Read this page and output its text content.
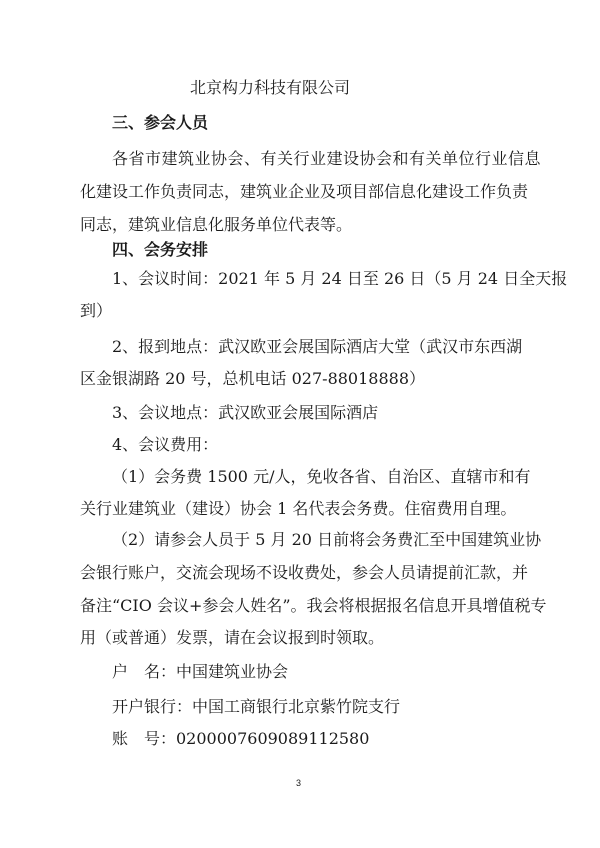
北京构力科技有限公司
三、参会人员
各省市建筑业协会、有关行业建设协会和有关单位行业信息
化建设工作负责同志，建筑业企业及项目部信息化建设工作负责
同志，建筑业信息化服务单位代表等。
四、会务安排
1、会议时间：2021 年 5 月 24 日至 26 日（5 月 24 日全天报
到）
2、报到地点：武汉欧亚会展国际酒店大堂（武汉市东西湖
区金银湖路 20 号，总机电话 027-88018888）
3、会议地点：武汉欧亚会展国际酒店
4、会议费用：
（1）会务费 1500 元/人，免收各省、自治区、直辖市和有
关行业建筑业（建设）协会 1 名代表会务费。住宿费用自理。
（2）请参会人员于 5 月 20 日前将会务费汇至中国建筑业协
会银行账户，交流会现场不设收费处，参会人员请提前汇款，并
备注“CIO 会议+参会人姓名”。我会将根据报名信息开具增值税专
用（或普通）发票，请在会议报到时领取。
户　名：中国建筑业协会
开户银行：中国工商银行北京紫竹院支行
账　号：0200007609089112580
3
